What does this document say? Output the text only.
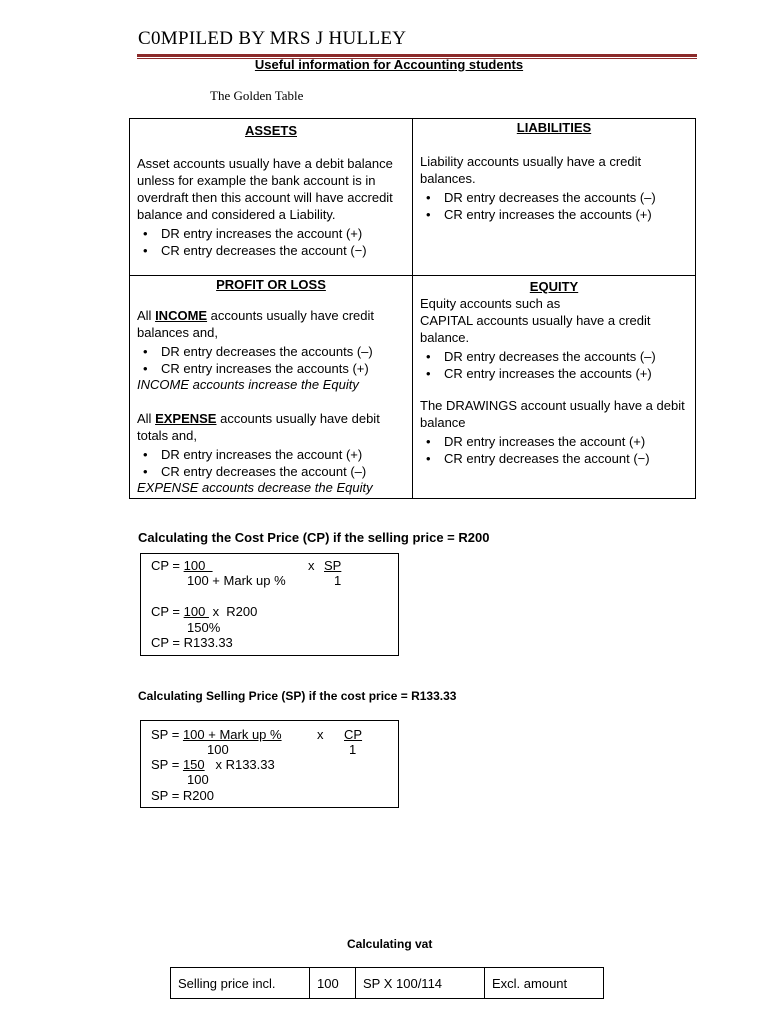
C0MPILED BY MRS J HULLEY
Useful information for Accounting students
The Golden Table
ASSETS

Asset accounts usually have a debit balance unless for example the bank account is in overdraft then this account will have accredit balance and considered a Liability.

• DR entry increases the account (+)
• CR entry decreases the account (−)
LIABILITIES

Liability accounts usually have a credit balances.

• DR entry decreases the accounts (–)
• CR entry increases the accounts (+)
PROFIT OR LOSS

All INCOME accounts usually have credit balances and,

• DR entry decreases the accounts (–)
• CR entry increases the accounts (+)

INCOME accounts increase the Equity

All EXPENSE accounts usually have debit totals and,

• DR entry increases the account (+)
• CR entry decreases the account (–)

EXPENSE accounts decrease the Equity

EQUITY

Equity accounts such as

CAPITAL accounts usually have a credit balance.

• DR entry decreases the accounts (–)
• CR entry increases the accounts (+)

The DRAWINGS account usually have a debit balance

• DR entry increases the account (+)
• CR entry decreases the account (−)
Calculating the Cost Price (CP) if the selling price = R200
CP = 100	x SP
100 + Mark up %	1
CP = 100  x  R200
150%
CP = R133.33
Calculating Selling Price (SP) if the cost price = R133.33
SP = 100 + Mark up %	x CP
100	1
SP = 150   x R133.33
100
SP = R200
Calculating vat
Selling price incl.	100	SP X 100/114	Excl. amount
